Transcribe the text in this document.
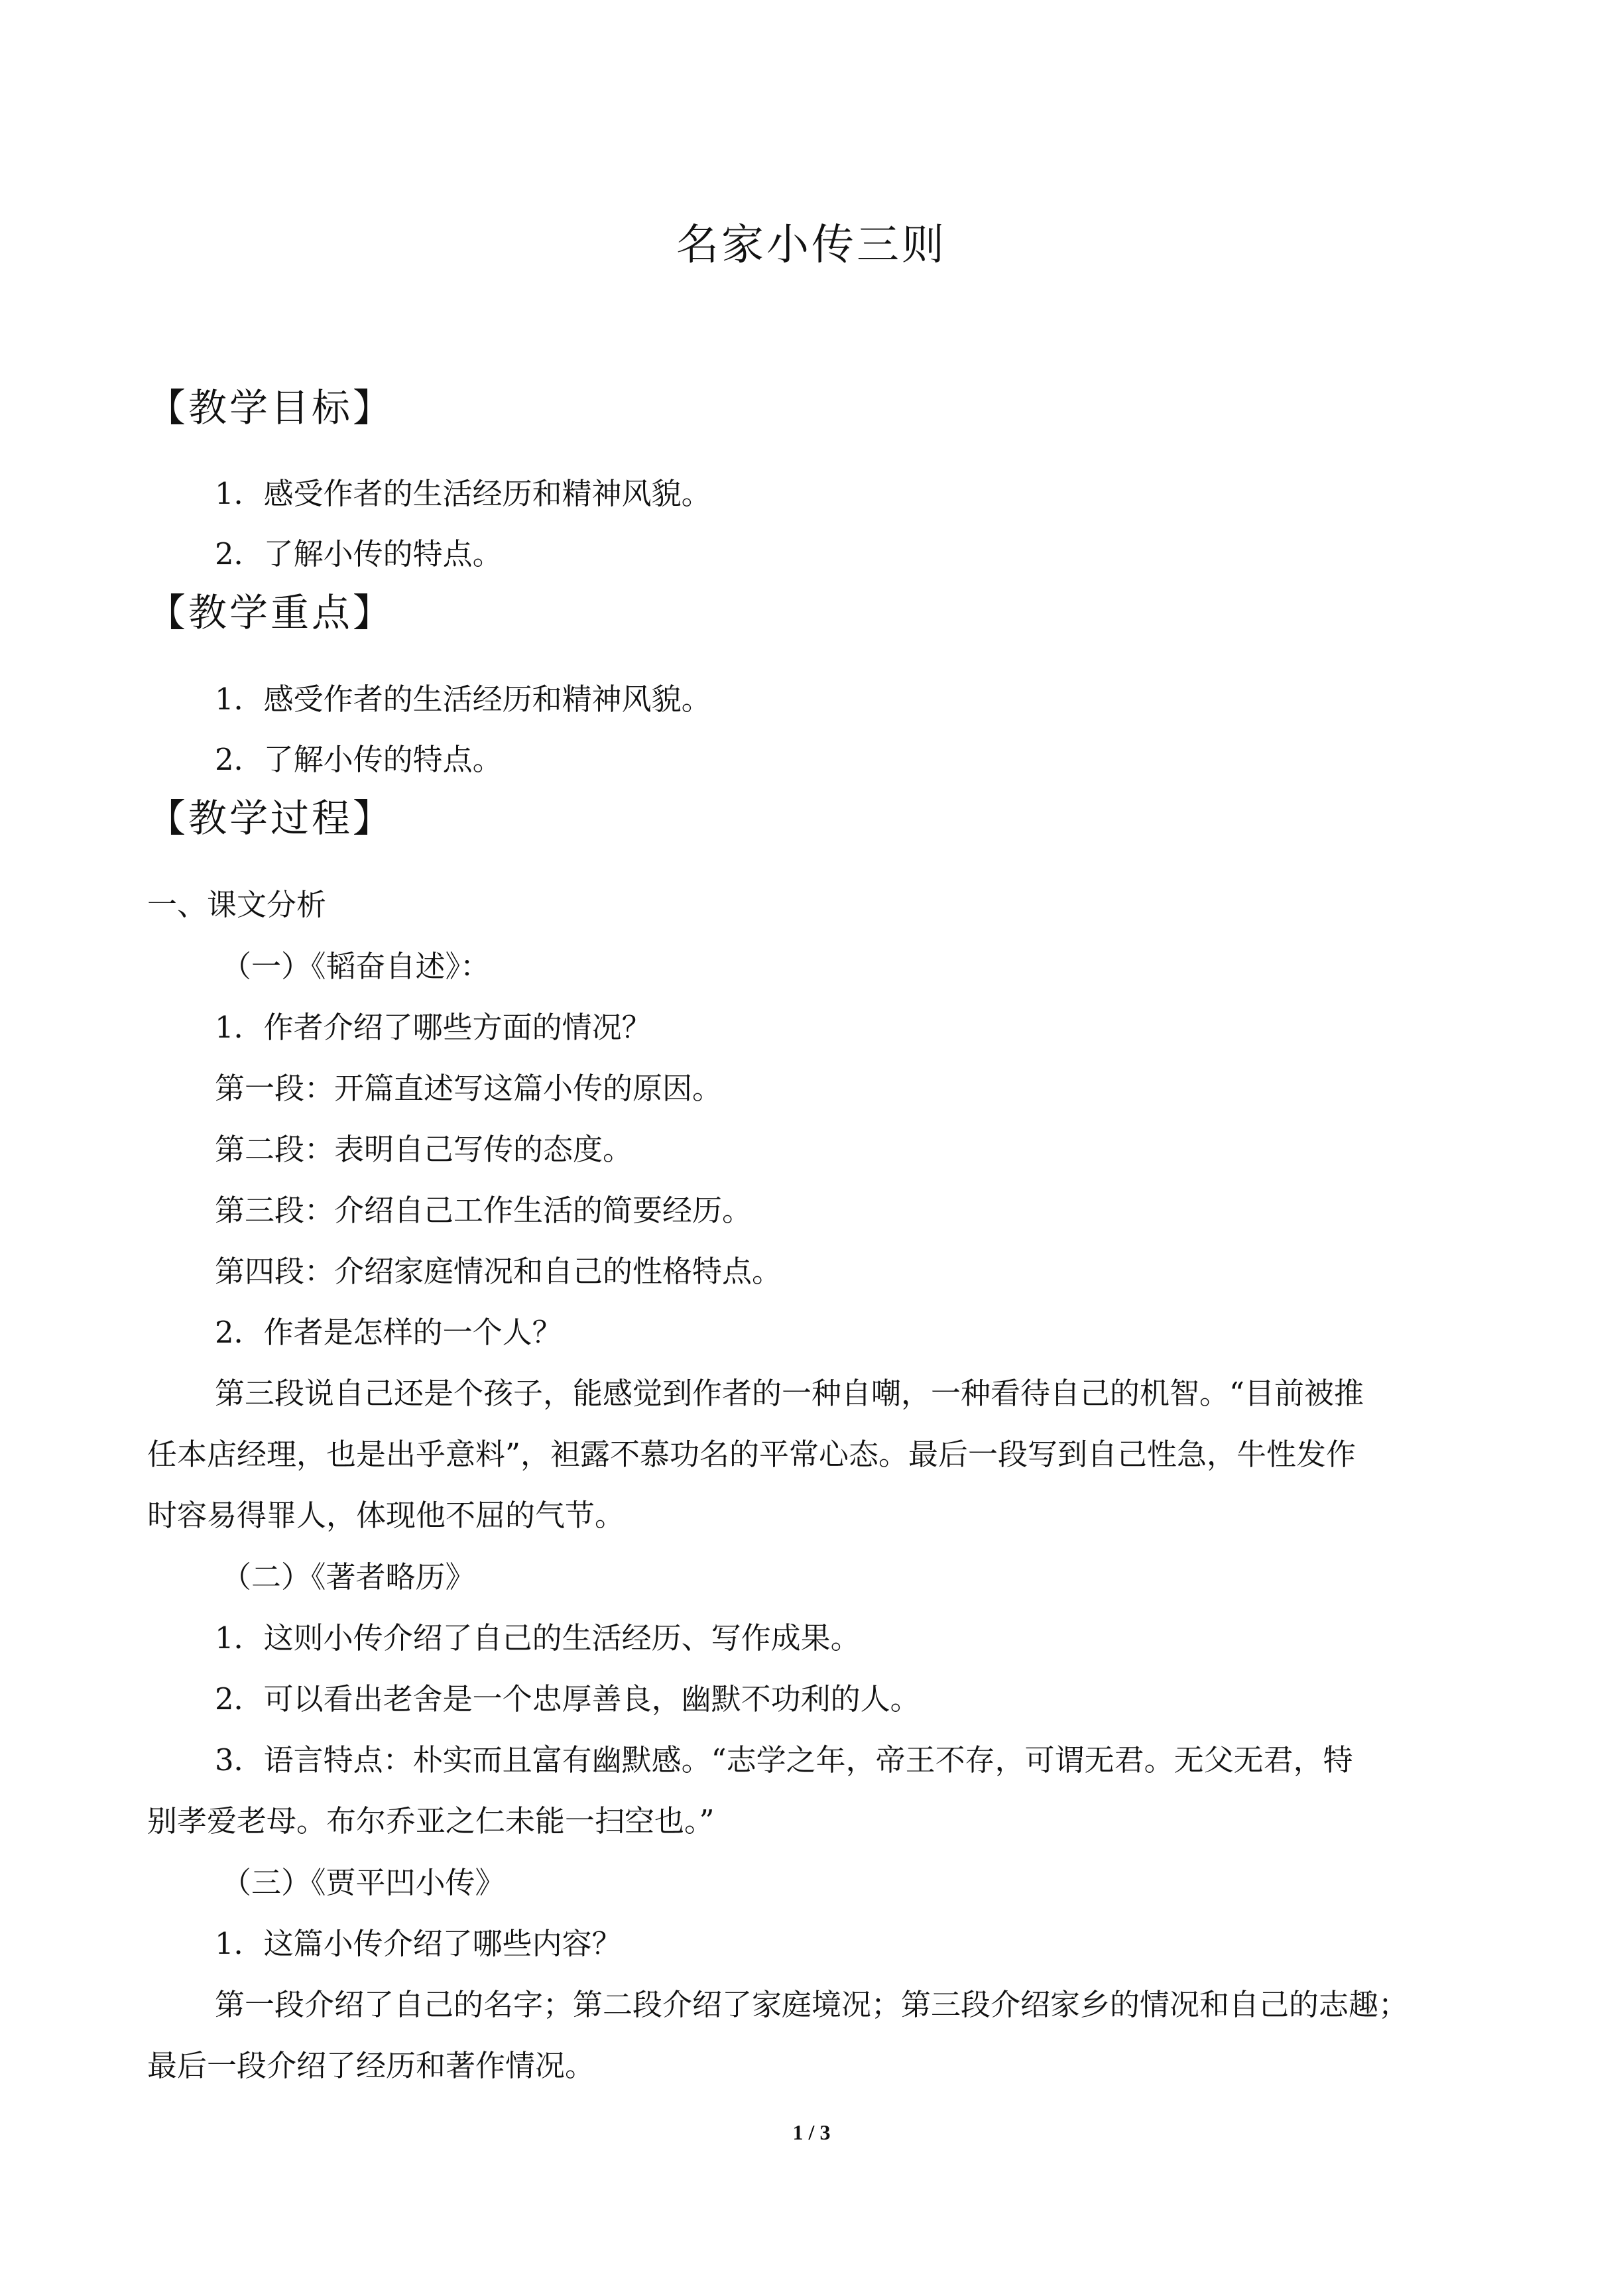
名家小传三则
【教学目标】
1．感受作者的生活经历和精神风貌。
2．了解小传的特点。
【教学重点】
1．感受作者的生活经历和精神风貌。
2．了解小传的特点。
【教学过程】
一、课文分析
（一）《韬奋自述》：
1．作者介绍了哪些方面的情况？
第一段：开篇直述写这篇小传的原因。
第二段：表明自己写传的态度。
第三段：介绍自己工作生活的简要经历。
第四段：介绍家庭情况和自己的性格特点。
2．作者是怎样的一个人？
第三段说自己还是个孩子，能感觉到作者的一种自嘲，一种看待自己的机智。“目前被推
任本店经理，也是出乎意料”，袒露不慕功名的平常心态。最后一段写到自己性急，牛性发作
时容易得罪人，体现他不屈的气节。
（二）《著者略历》
1．这则小传介绍了自己的生活经历、写作成果。
2．可以看出老舍是一个忠厚善良，幽默不功利的人。
3．语言特点：朴实而且富有幽默感。“志学之年，帝王不存，可谓无君。无父无君，特
别孝爱老母。布尔乔亚之仁未能一扫空也。”
（三）《贾平凹小传》
1．这篇小传介绍了哪些内容？
第一段介绍了自己的名字；第二段介绍了家庭境况；第三段介绍家乡的情况和自己的志趣；
最后一段介绍了经历和著作情况。
1 / 3
